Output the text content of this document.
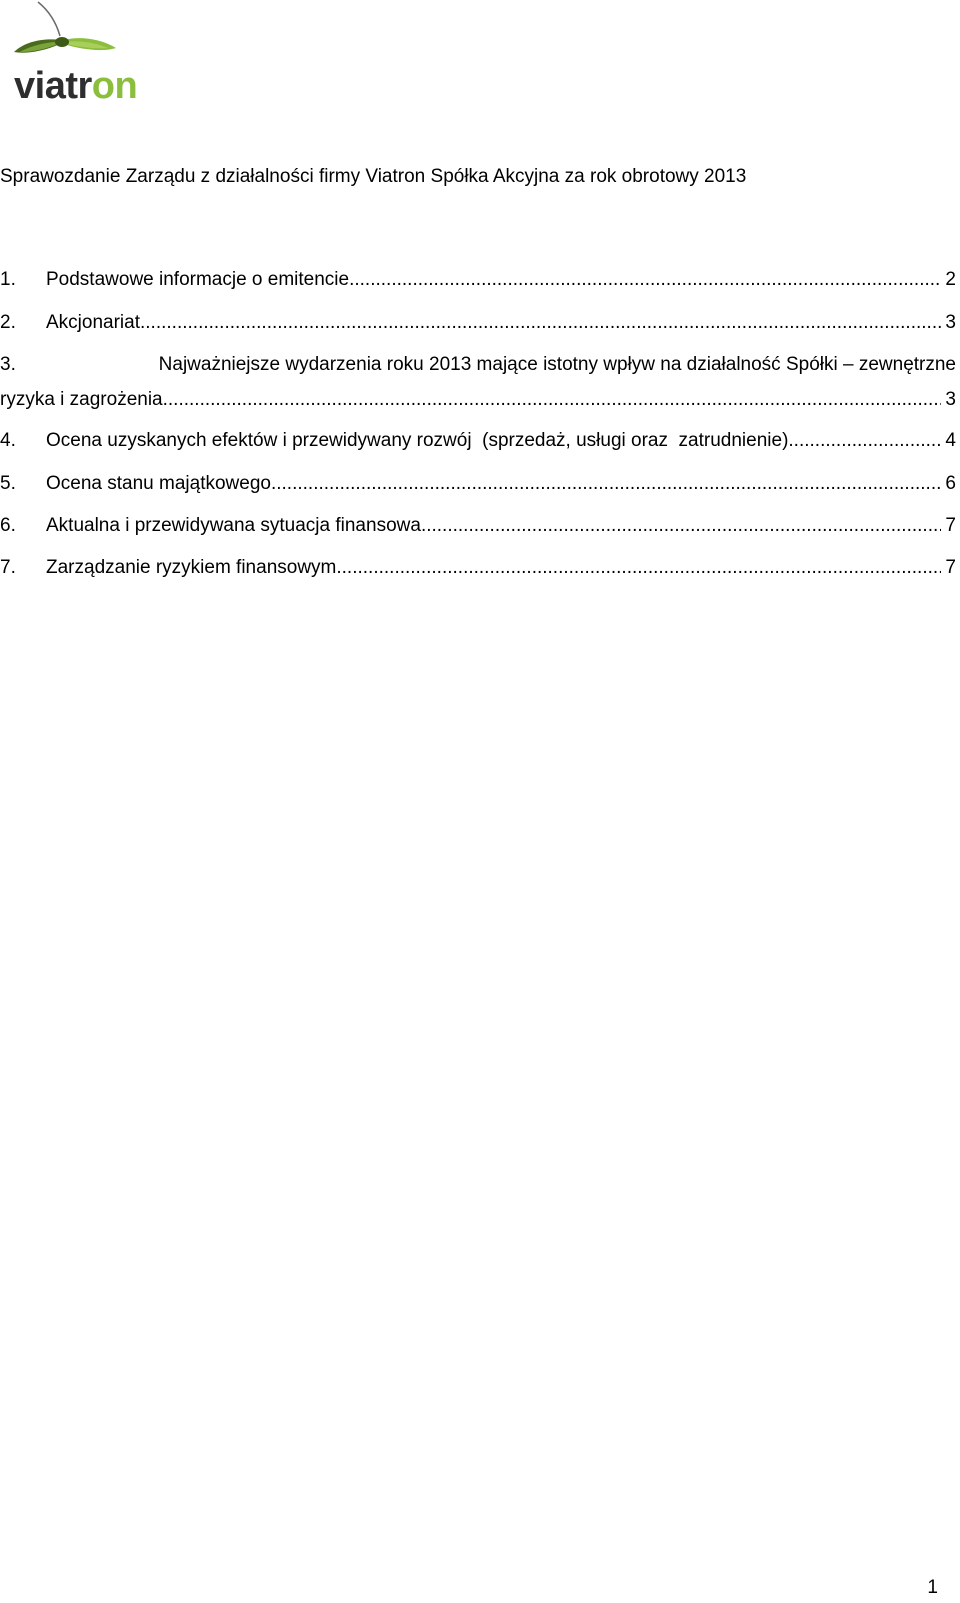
viatron
Sprawozdanie Zarządu z działalności firmy Viatron Spółka Akcyjna za rok obrotowy 2013
1.	Podstawowe informacje o emitencie .....	2
2.	Akcjonariat .....	3
3.	Najważniejsze wydarzenia roku 2013 mające istotny wpływ na działalność Spółki – zewnętrzne
ryzyka i zagrożenia .....	3
4.	Ocena uzyskanych efektów i przewidywany rozwój  (sprzedaż, usługi oraz  zatrudnienie) .....	4
5.	Ocena stanu majątkowego .....	6
6.	Aktualna i przewidywana sytuacja finansowa .....	7
7.	Zarządzanie ryzykiem finansowym .....	7
1
